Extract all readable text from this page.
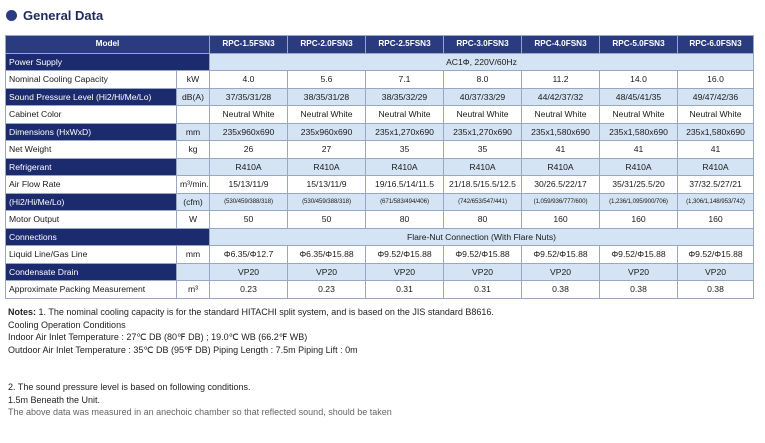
General Data
Model		RPC-1.5FSN3	RPC-2.0FSN3	RPC-2.5FSN3	RPC-3.0FSN3	RPC-4.0FSN3	RPC-5.0FSN3	RPC-6.0FSN3
Power Supply		AC1Φ, 220V/60Hz						
Nominal Cooling Capacity	kW	4.0	5.6	7.1	8.0	11.2	14.0	16.0
Sound Pressure Level (Hi2/Hi/Me/Lo)	dB(A)	37/35/31/28	38/35/31/28	38/35/32/29	40/37/33/29	44/42/37/32	48/45/41/35	49/47/42/36
Cabinet Color		Neutral White	Neutral White	Neutral White	Neutral White	Neutral White	Neutral White	Neutral White
Dimensions (HxWxD)	mm	235x960x690	235x960x690	235x1,270x690	235x1,270x690	235x1,580x690	235x1,580x690	235x1,580x690
Net Weight	kg	26	27	35	35	41	41	41
Refrigerant		R410A	R410A	R410A	R410A	R410A	R410A	R410A
Air Flow Rate	m³/min.	15/13/11/9	15/13/11/9	19/16.5/14/11.5	21/18.5/15.5/12.5	30/26.5/22/17	35/31/25.5/20	37/32.5/27/21
(Hi2/Hi/Me/Lo)	(cfm)	(530/459/388/318)	(530/459/388/318)	(671/583/494/406)	(742/653/547/441)	(1,059/936/777/600)	(1,236/1,095/900/706)	(1,306/1,148/953/742)
Motor Output	W	50	50	80	80	160	160	160
Connections		Flare-Nut Connection (With Flare Nuts)						
Liquid Line/Gas Line	mm	Φ6.35/Φ12.7	Φ6.35/Φ15.88	Φ9.52/Φ15.88	Φ9.52/Φ15.88	Φ9.52/Φ15.88	Φ9.52/Φ15.88	Φ9.52/Φ15.88
Condensate Drain		VP20	VP20	VP20	VP20	VP20	VP20	VP20
Approximate Packing Measurement	m³	0.23	0.23	0.31	0.31	0.38	0.38	0.38
Notes: 1. The nominal cooling capacity is for the standard HITACHI split system, and is based on the JIS standard B8616.
Cooling Operation Conditions
Indoor Air Inlet Temperature : 27℃ DB (80℉ DB) ; 19.0℃ WB (66.2℉ WB)
Outdoor Air Inlet Temperature : 35℃ DB (95℉ DB) Piping Length : 7.5m Piping Lift : 0m
2. The sound pressure level is based on following conditions.
1.5m Beneath the Unit.
The above data was measured in an anechoic chamber so that reflected sound, should be taken
